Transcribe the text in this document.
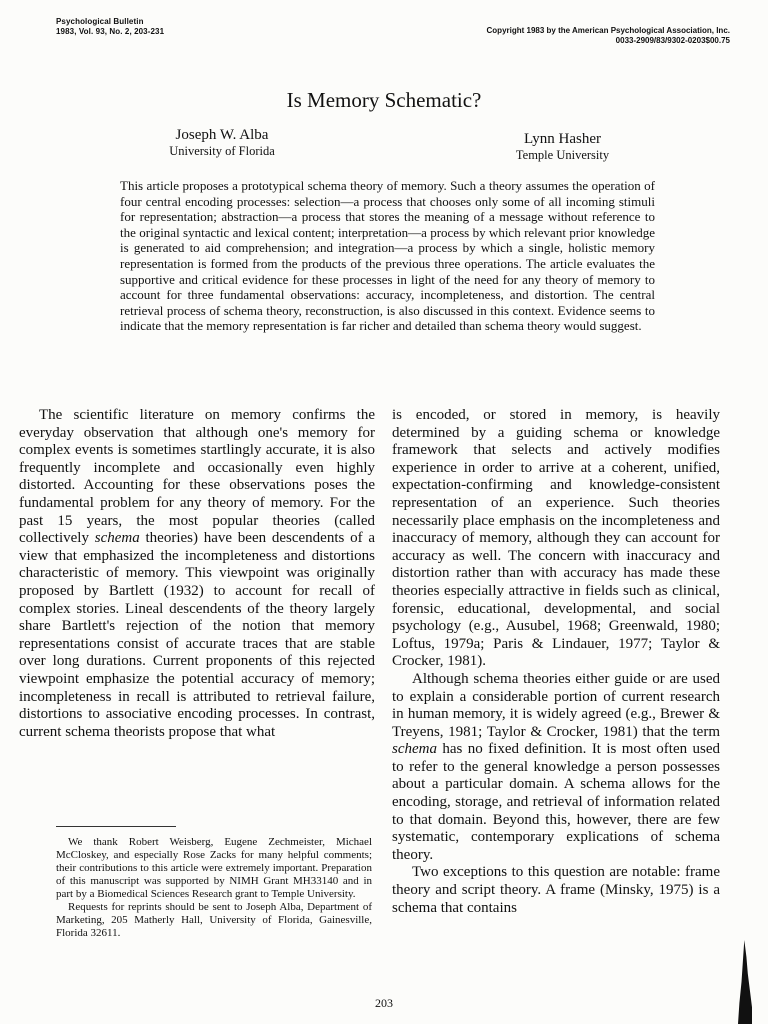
Psychological Bulletin
1983, Vol. 93, No. 2, 203-231	Copyright 1983 by the American Psychological Association, Inc.
0033-2909/83/9302-0203$00.75
Is Memory Schematic?
Joseph W. Alba
University of Florida
Lynn Hasher
Temple University
This article proposes a prototypical schema theory of memory. Such a theory assumes the operation of four central encoding processes: selection—a process that chooses only some of all incoming stimuli for representation; abstraction—a process that stores the meaning of a message without reference to the original syntactic and lexical content; interpretation—a process by which relevant prior knowledge is generated to aid comprehension; and integration—a process by which a single, holistic memory representation is formed from the products of the previous three operations. The article evaluates the supportive and critical evidence for these processes in light of the need for any theory of memory to account for three fundamental observations: accuracy, incompleteness, and distortion. The central retrieval process of schema theory, reconstruction, is also discussed in this context. Evidence seems to indicate that the memory representation is far richer and detailed than schema theory would suggest.

The scientific literature on memory confirms the everyday observation that although one's memory for complex events is sometimes startlingly accurate, it is also frequently incomplete and occasionally even highly distorted. Accounting for these observations poses the fundamental problem for any theory of memory. For the past 15 years, the most popular theories (called collectively schema theories) have been descendents of a view that emphasized the incompleteness and distortions characteristic of memory. This viewpoint was originally proposed by Bartlett (1932) to account for recall of complex stories. Lineal descendents of the theory largely share Bartlett's rejection of the notion that memory representations consist of accurate traces that are stable over long durations. Current proponents of this rejected viewpoint emphasize the potential accuracy of memory; incompleteness in recall is attributed to retrieval failure, distortions to associative encoding processes. In contrast, current schema theorists propose that what

is encoded, or stored in memory, is heavily determined by a guiding schema or knowledge framework that selects and actively modifies experience in order to arrive at a coherent, unified, expectation-confirming and knowledge-consistent representation of an experience. Such theories necessarily place emphasis on the incompleteness and inaccuracy of memory, although they can account for accuracy as well. The concern with inaccuracy and distortion rather than with accuracy has made these theories especially attractive in fields such as clinical, forensic, educational, developmental, and social psychology (e.g., Ausubel, 1968; Greenwald, 1980; Loftus, 1979a; Paris & Lindauer, 1977; Taylor & Crocker, 1981).

Although schema theories either guide or are used to explain a considerable portion of current research in human memory, it is widely agreed (e.g., Brewer & Treyens, 1981; Taylor & Crocker, 1981) that the term schema has no fixed definition. It is most often used to refer to the general knowledge a person possesses about a particular domain. A schema allows for the encoding, storage, and retrieval of information related to that domain. Beyond this, however, there are few systematic, contemporary explications of schema theory.

Two exceptions to this question are notable: frame theory and script theory. A frame (Minsky, 1975) is a schema that contains

We thank Robert Weisberg, Eugene Zechmeister, Michael McCloskey, and especially Rose Zacks for many helpful comments; their contributions to this article were extremely important. Preparation of this manuscript was supported by NIMH Grant MH33140 and in part by a Biomedical Sciences Research grant to Temple University.

Requests for reprints should be sent to Joseph Alba, Department of Marketing, 205 Matherly Hall, University of Florida, Gainesville, Florida 32611.

203
